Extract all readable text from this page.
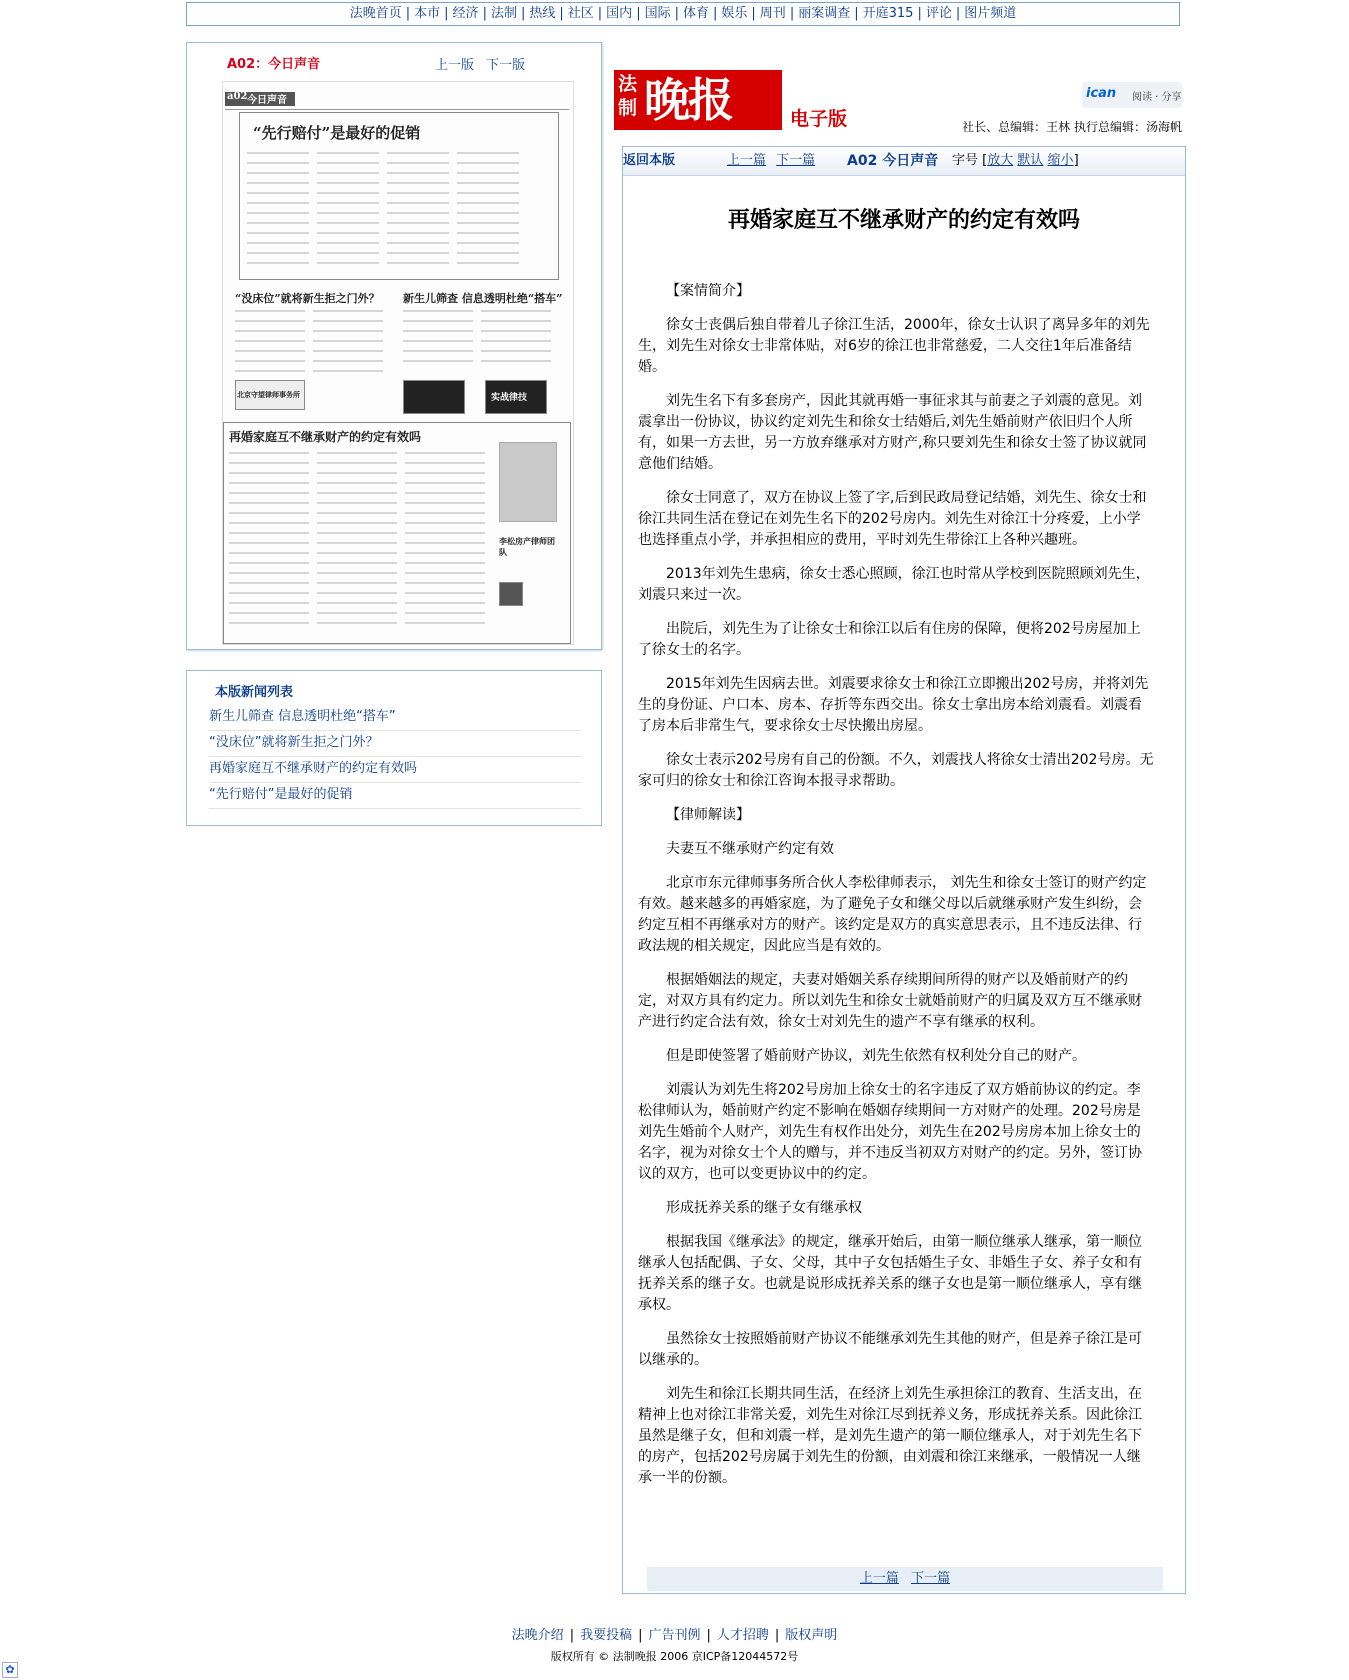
法晚首页 | 本市 | 经济 | 法制 | 热线 | 社区 | 国内 | 国际 | 体育 | 娱乐 | 周刊 | 丽案调查 | 开庭315 | 评论 | 图片频道
A02：今日声音	上一版 下一版
a02 今日声音
“先行赔付”是最好的促销
“没床位”就将新生拒之门外？ 新生儿筛查 信息透明杜绝“搭车”
北京守望律师事务所	实战律技
再婚家庭互不继承财产的约定有效吗
李松房产律师团队
本版新闻列表
新生儿筛查 信息透明杜绝“搭车”
“没床位”就将新生拒之门外？
再婚家庭互不继承财产的约定有效吗
“先行赔付”是最好的促销
法制 晚报	电子版
ican 阅读 · 分享
社长、总编辑：王林 执行总编辑：汤海帆
返回本版	上一篇 下一篇	A02 今日声音 字号 [放大 默认 缩小]
再婚家庭互不继承财产的约定有效吗

【案情简介】

徐女士丧偶后独自带着儿子徐江生活，2000年，徐女士认识了离异多年的刘先生，刘先生对徐女士非常体贴，对6岁的徐江也非常慈爱，二人交往1年后准备结婚。

刘先生名下有多套房产，因此其就再婚一事征求其与前妻之子刘震的意见。刘震拿出一份协议，协议约定刘先生和徐女士结婚后,刘先生婚前财产依旧归个人所有，如果一方去世，另一方放弃继承对方财产,称只要刘先生和徐女士签了协议就同意他们结婚。

徐女士同意了，双方在协议上签了字,后到民政局登记结婚，刘先生、徐女士和徐江共同生活在登记在刘先生名下的202号房内。刘先生对徐江十分疼爱，上小学也选择重点小学，并承担相应的费用，平时刘先生带徐江上各种兴趣班。

2013年刘先生患病，徐女士悉心照顾，徐江也时常从学校到医院照顾刘先生，刘震只来过一次。

出院后，刘先生为了让徐女士和徐江以后有住房的保障，便将202号房屋加上了徐女士的名字。

2015年刘先生因病去世。刘震要求徐女士和徐江立即搬出202号房，并将刘先生的身份证、户口本、房本、存折等东西交出。徐女士拿出房本给刘震看。刘震看了房本后非常生气，要求徐女士尽快搬出房屋。

徐女士表示202号房有自己的份额。不久，刘震找人将徐女士清出202号房。无家可归的徐女士和徐江咨询本报寻求帮助。

【律师解读】

夫妻互不继承财产约定有效

北京市东元律师事务所合伙人李松律师表示， 刘先生和徐女士签订的财产约定有效。越来越多的再婚家庭，为了避免子女和继父母以后就继承财产发生纠纷，会约定互相不再继承对方的财产。该约定是双方的真实意思表示，且不违反法律、行政法规的相关规定，因此应当是有效的。

根据婚姻法的规定，夫妻对婚姻关系存续期间所得的财产以及婚前财产的约定，对双方具有约定力。所以刘先生和徐女士就婚前财产的归属及双方互不继承财产进行约定合法有效，徐女士对刘先生的遗产不享有继承的权利。

但是即使签署了婚前财产协议，刘先生依然有权利处分自己的财产。

刘震认为刘先生将202号房加上徐女士的名字违反了双方婚前协议的约定。李松律师认为，婚前财产约定不影响在婚姻存续期间一方对财产的处理。202号房是刘先生婚前个人财产，刘先生有权作出处分，刘先生在202号房房本加上徐女士的名字，视为对徐女士个人的赠与，并不违反当初双方对财产的约定。另外，签订协议的双方，也可以变更协议中的约定。

形成抚养关系的继子女有继承权

根据我国《继承法》的规定，继承开始后，由第一顺位继承人继承，第一顺位继承人包括配偶、子女、父母，其中子女包括婚生子女、非婚生子女、养子女和有抚养关系的继子女。也就是说形成抚养关系的继子女也是第一顺位继承人，享有继承权。

虽然徐女士按照婚前财产协议不能继承刘先生其他的财产，但是养子徐江是可以继承的。

刘先生和徐江长期共同生活，在经济上刘先生承担徐江的教育、生活支出，在精神上也对徐江非常关爱，刘先生对徐江尽到抚养义务，形成抚养关系。因此徐江虽然是继子女，但和刘震一样，是刘先生遗产的第一顺位继承人，对于刘先生名下的房产，包括202号房属于刘先生的份额，由刘震和徐江来继承，一般情况一人继承一半的份额。

上一篇 下一篇
法晚介绍 | 我要投稿 | 广告刊例 | 人才招聘 | 版权声明
版权所有 © 法制晚报 2006 京ICP备12044572号
✿
